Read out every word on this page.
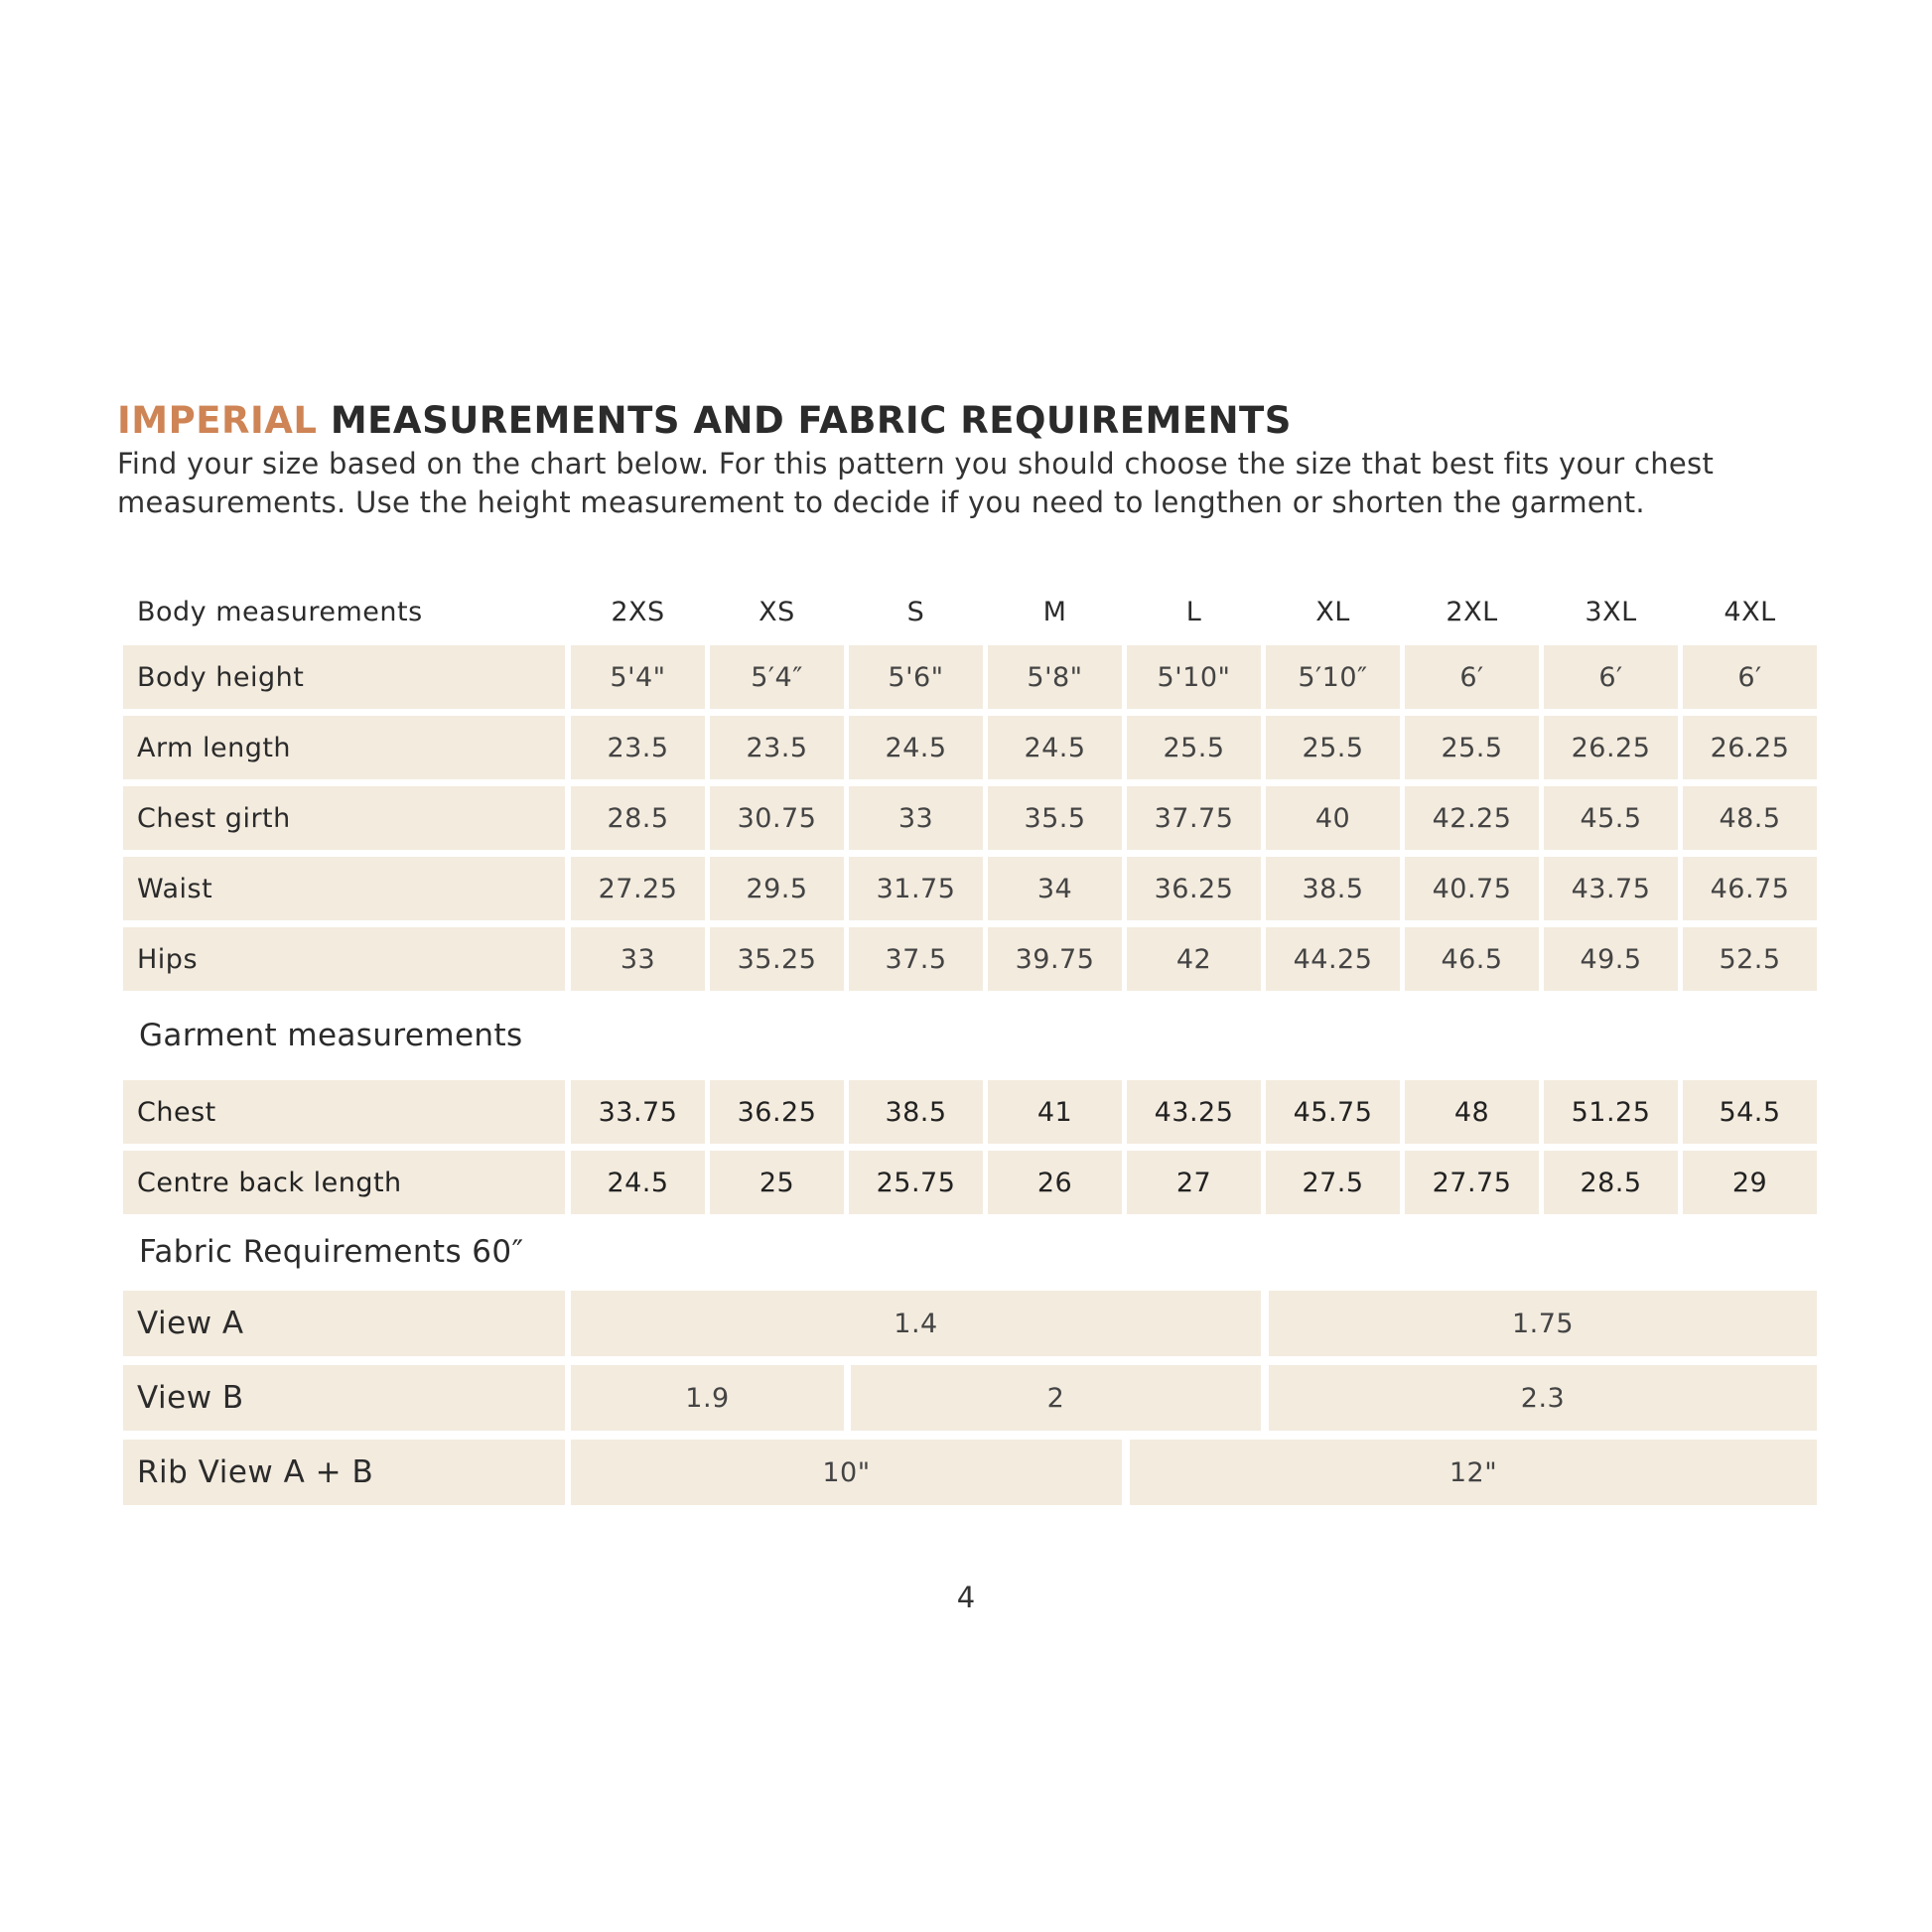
IMPERIAL MEASUREMENTS AND FABRIC REQUIREMENTS
Find your size based on the chart below. For this pattern you should choose the size that best fits your chest measurements. Use the height measurement to decide if you need to lengthen or shorten the garment.
Body measurements	2XS	XS	S	M	L	XL	2XL	3XL	4XL
Body height	5'4"	5′4″	5'6"	5'8"	5'10"	5′10″	6′	6′	6′
Arm length	23.5	23.5	24.5	24.5	25.5	25.5	25.5	26.25	26.25
Chest girth	28.5	30.75	33	35.5	37.75	40	42.25	45.5	48.5
Waist	27.25	29.5	31.75	34	36.25	38.5	40.75	43.75	46.75
Hips	33	35.25	37.5	39.75	42	44.25	46.5	49.5	52.5
Garment measurements
Chest	33.75	36.25	38.5	41	43.25	45.75	48	51.25	54.5
Centre back length	24.5	25	25.75	26	27	27.5	27.75	28.5	29
Fabric Requirements 60″
View A	1.4	1.75
View B	1.9	2	2.3
Rib View A + B	10"	12"
4
